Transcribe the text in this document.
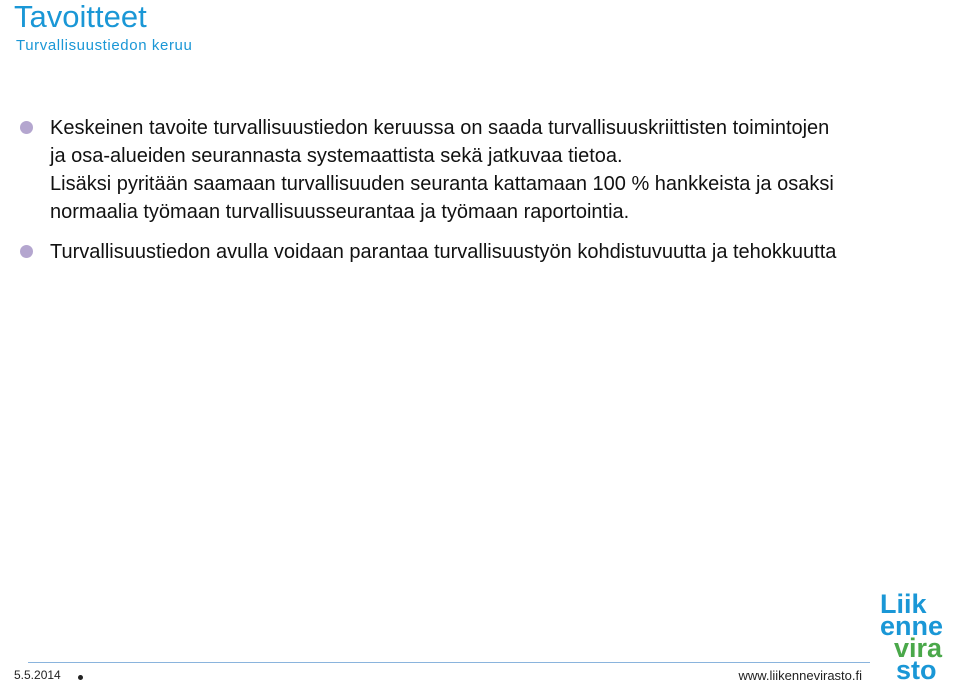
Tavoitteet
Turvallisuustiedon keruu
Keskeinen tavoite turvallisuustiedon keruussa on saada turvallisuuskriittisten toimintojen ja osa-alueiden seurannasta systemaattista sekä jatkuvaa tietoa.
Lisäksi pyritään saamaan turvallisuuden seuranta kattamaan 100 % hankkeista ja osaksi normaalia työmaan turvallisuusseurantaa ja työmaan raportointia.
Turvallisuustiedon avulla voidaan parantaa turvallisuustyön kohdistuvuutta ja tehokkuutta
5.5.2014	www.liikennevirasto.fi
Liik
enne
vira
sto
